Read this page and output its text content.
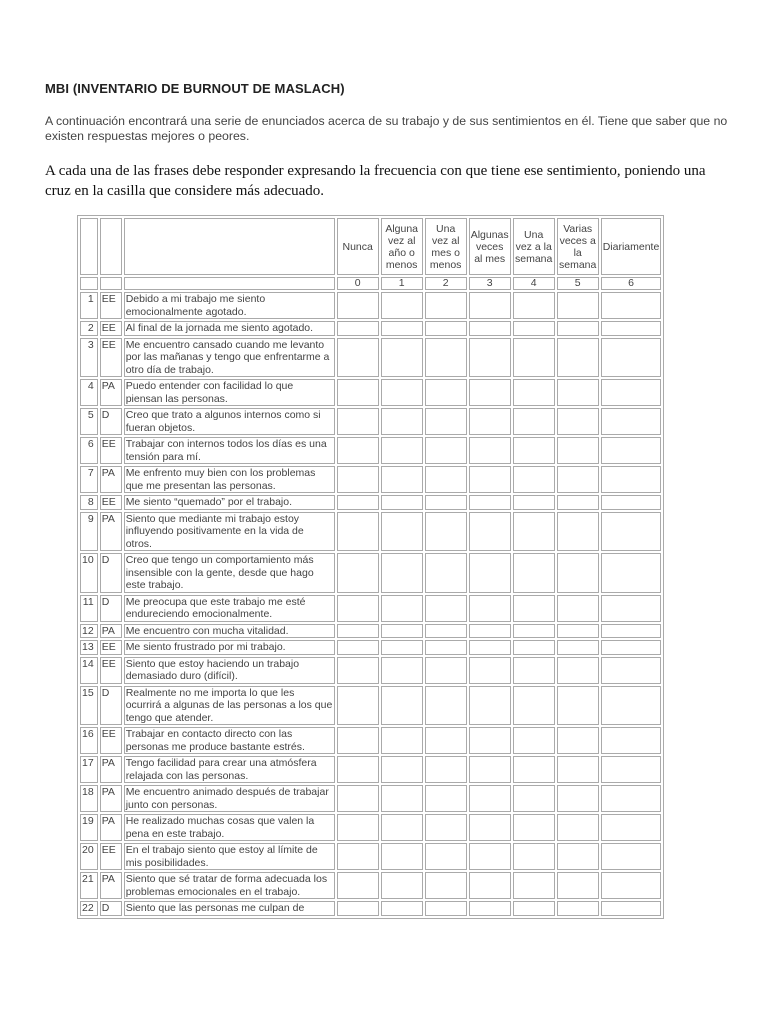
MBI (INVENTARIO DE BURNOUT DE MASLACH)
A continuación encontrará una serie de enunciados acerca de su trabajo y de sus sentimientos en él. Tiene que saber que no existen respuestas mejores o peores.
A cada una de las frases debe responder expresando la frecuencia con que tiene ese sentimiento, poniendo una cruz en la casilla que considere más adecuado.
			Nunca	Alguna vez al año o menos	Una vez al mes o menos	Algunas veces al mes	Una vez a la semana	Varias veces a la semana	Diariamente
			0	1	2	3	4	5	6
1	EE	Debido a mi trabajo me siento emocionalmente agotado.							
2	EE	Al final de la jornada me siento agotado.							
3	EE	Me encuentro cansado cuando me levanto por las mañanas y tengo que enfrentarme a otro día de trabajo.							
4	PA	Puedo entender con facilidad lo que piensan las personas.							
5	D	Creo que trato a algunos internos como si fueran objetos.							
6	EE	Trabajar con internos todos los días es una tensión para mí.							
7	PA	Me enfrento muy bien con los problemas que me presentan las personas.							
8	EE	Me siento “quemado” por el trabajo.							
9	PA	Siento que mediante mi trabajo estoy influyendo positivamente en la vida de otros.							
10	D	Creo que tengo un comportamiento más insensible con la gente, desde que hago este trabajo.							
11	D	Me preocupa que este trabajo me esté endureciendo emocionalmente.							
12	PA	Me encuentro con mucha vitalidad.							
13	EE	Me siento frustrado por mi trabajo.							
14	EE	Siento que estoy haciendo un trabajo demasiado duro (difícil).							
15	D	Realmente no me importa lo que les ocurrirá a algunas de las personas a los que tengo que atender.							
16	EE	Trabajar en contacto directo con las personas me produce bastante estrés.							
17	PA	Tengo facilidad para crear una atmósfera relajada con las personas.							
18	PA	Me encuentro animado después de trabajar junto con personas.							
19	PA	He realizado muchas cosas que valen la pena en este trabajo.							
20	EE	En el trabajo siento que estoy al límite de mis posibilidades.							
21	PA	Siento que sé tratar de forma adecuada los problemas emocionales en el trabajo.							
22	D	Siento que las personas me culpan de							
